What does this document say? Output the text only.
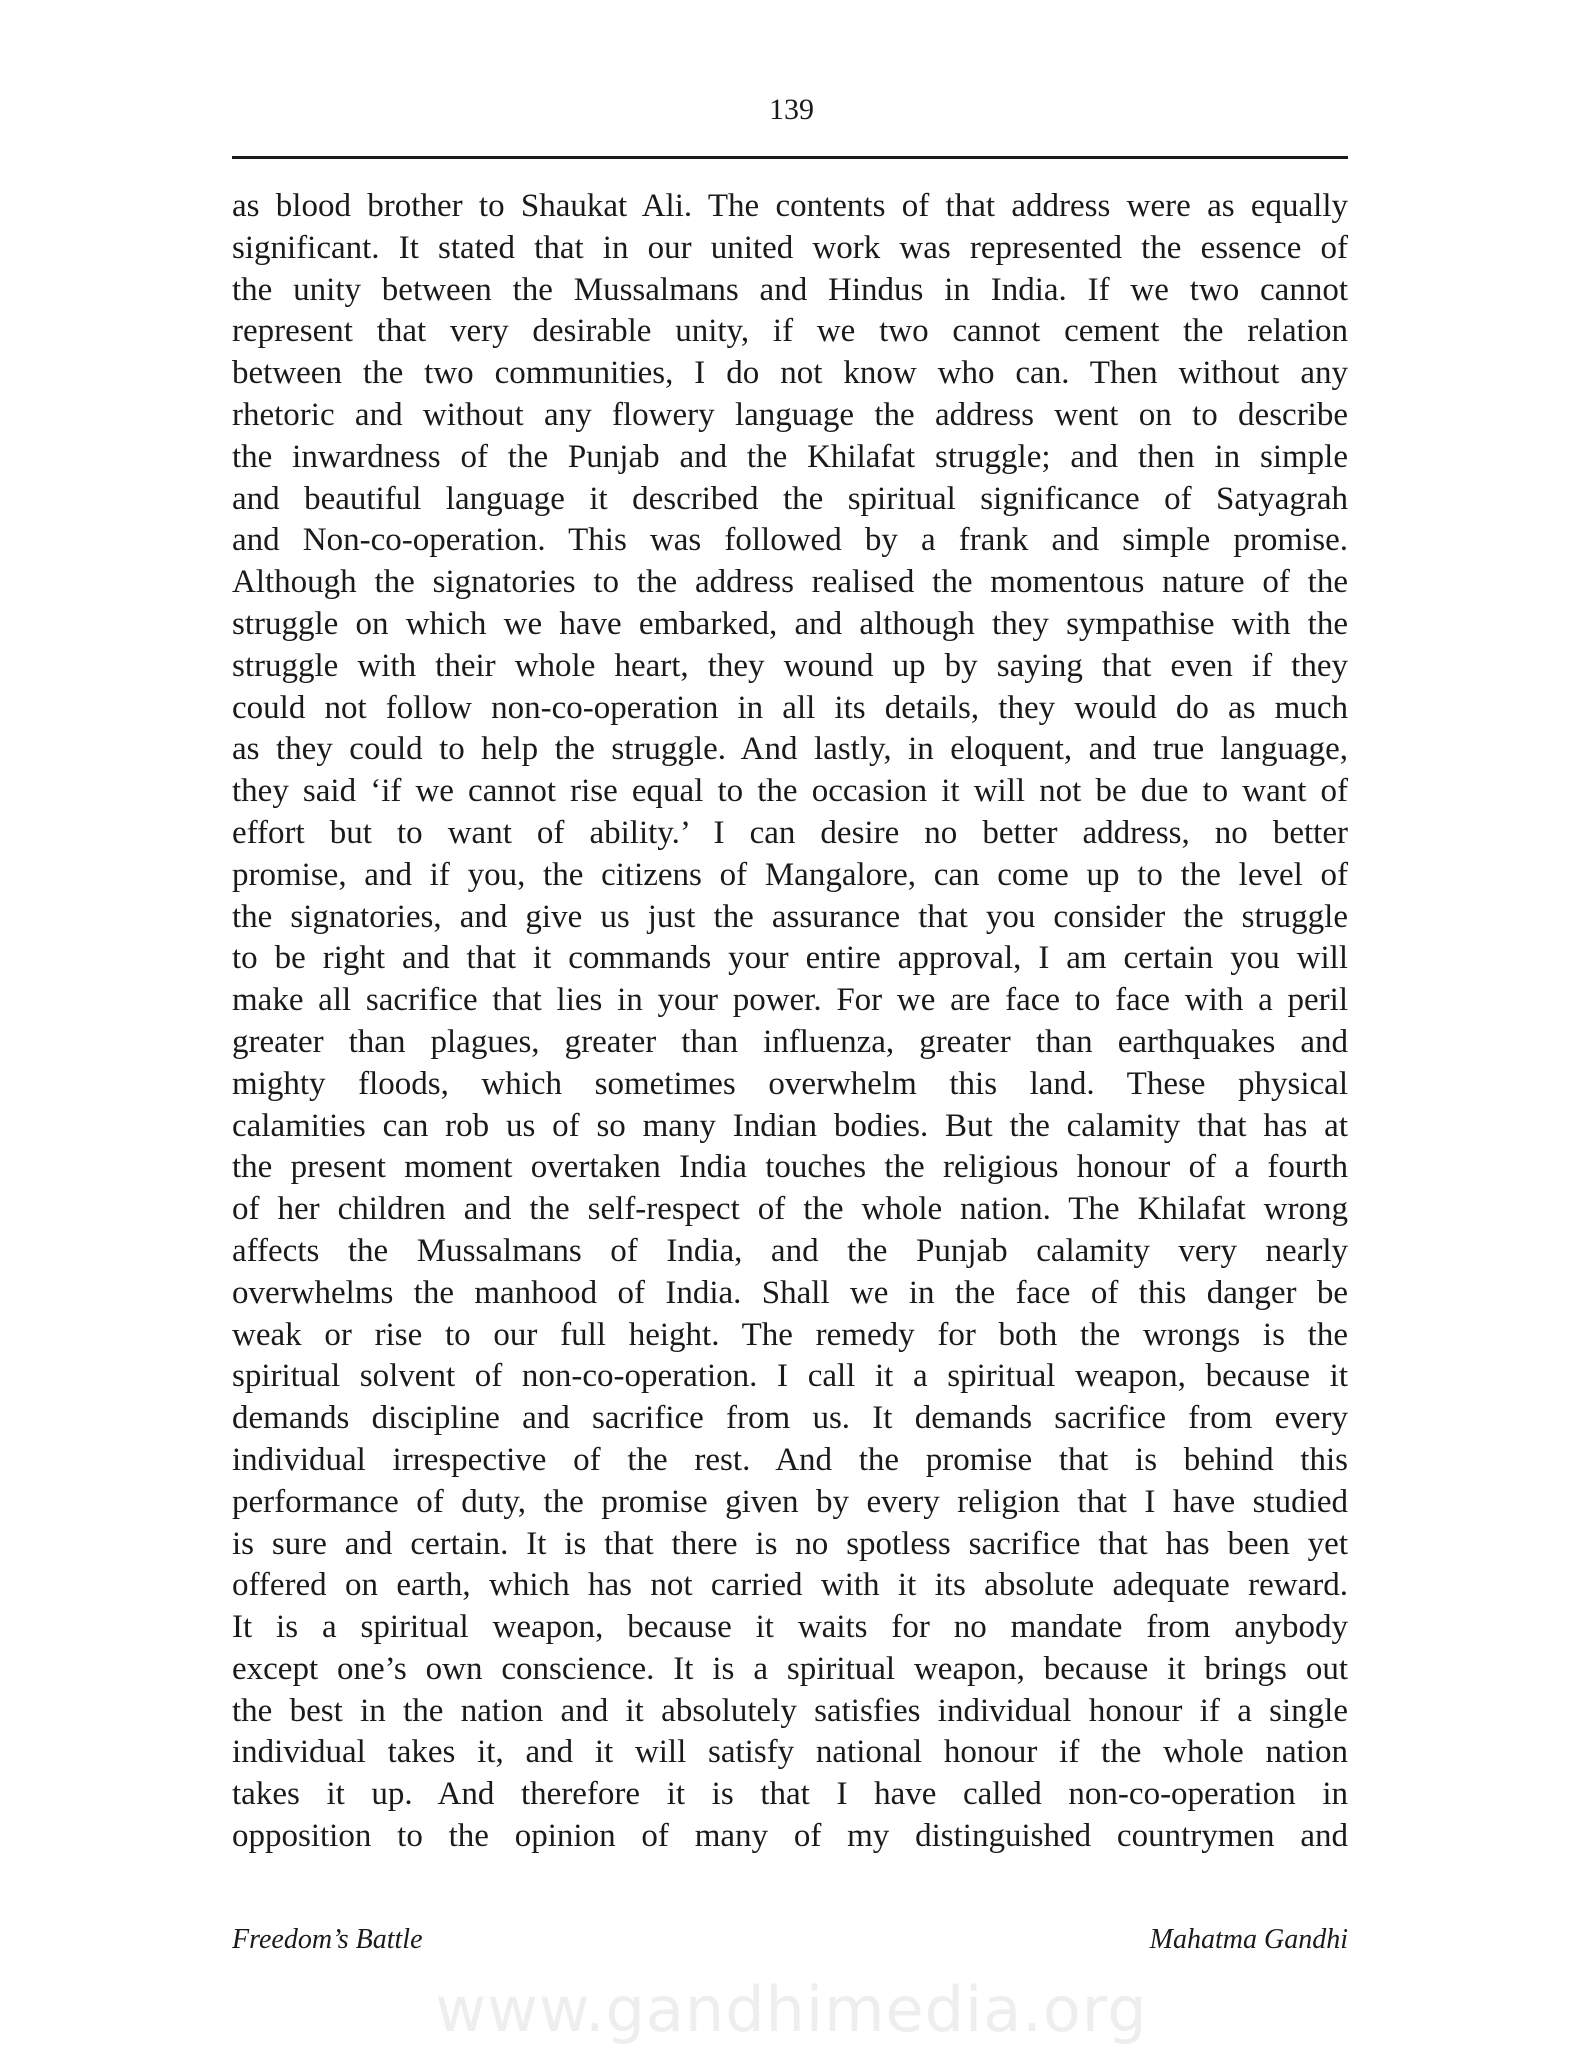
139
as blood brother to Shaukat Ali. The contents of that address were as equally
significant. It stated that in our united work was represented the essence of
the unity between the Mussalmans and Hindus in India. If we two cannot
represent that very desirable unity, if we two cannot cement the relation
between the two communities, I do not know who can. Then without any
rhetoric and without any flowery language the address went on to describe
the inwardness of the Punjab and the Khilafat struggle; and then in simple
and beautiful language it described the spiritual significance of Satyagrah
and Non-co-operation. This was followed by a frank and simple promise.
Although the signatories to the address realised the momentous nature of the
struggle on which we have embarked, and although they sympathise with the
struggle with their whole heart, they wound up by saying that even if they
could not follow non-co-operation in all its details, they would do as much
as they could to help the struggle. And lastly, in eloquent, and true language,
they said ‘if we cannot rise equal to the occasion it will not be due to want of
effort but to want of ability.’ I can desire no better address, no better
promise, and if you, the citizens of Mangalore, can come up to the level of
the signatories, and give us just the assurance that you consider the struggle
to be right and that it commands your entire approval, I am certain you will
make all sacrifice that lies in your power. For we are face to face with a peril
greater than plagues, greater than influenza, greater than earthquakes and
mighty floods, which sometimes overwhelm this land. These physical
calamities can rob us of so many Indian bodies. But the calamity that has at
the present moment overtaken India touches the religious honour of a fourth
of her children and the self-respect of the whole nation. The Khilafat wrong
affects the Mussalmans of India, and the Punjab calamity very nearly
overwhelms the manhood of India. Shall we in the face of this danger be
weak or rise to our full height. The remedy for both the wrongs is the
spiritual solvent of non-co-operation. I call it a spiritual weapon, because it
demands discipline and sacrifice from us. It demands sacrifice from every
individual irrespective of the rest. And the promise that is behind this
performance of duty, the promise given by every religion that I have studied
is sure and certain. It is that there is no spotless sacrifice that has been yet
offered on earth, which has not carried with it its absolute adequate reward.
It is a spiritual weapon, because it waits for no mandate from anybody
except one’s own conscience. It is a spiritual weapon, because it brings out
the best in the nation and it absolutely satisfies individual honour if a single
individual takes it, and it will satisfy national honour if the whole nation
takes it up. And therefore it is that I have called non-co-operation in
opposition to the opinion of many of my distinguished countrymen and
Freedom’s Battle	Mahatma Gandhi
www.gandhimedia.org
